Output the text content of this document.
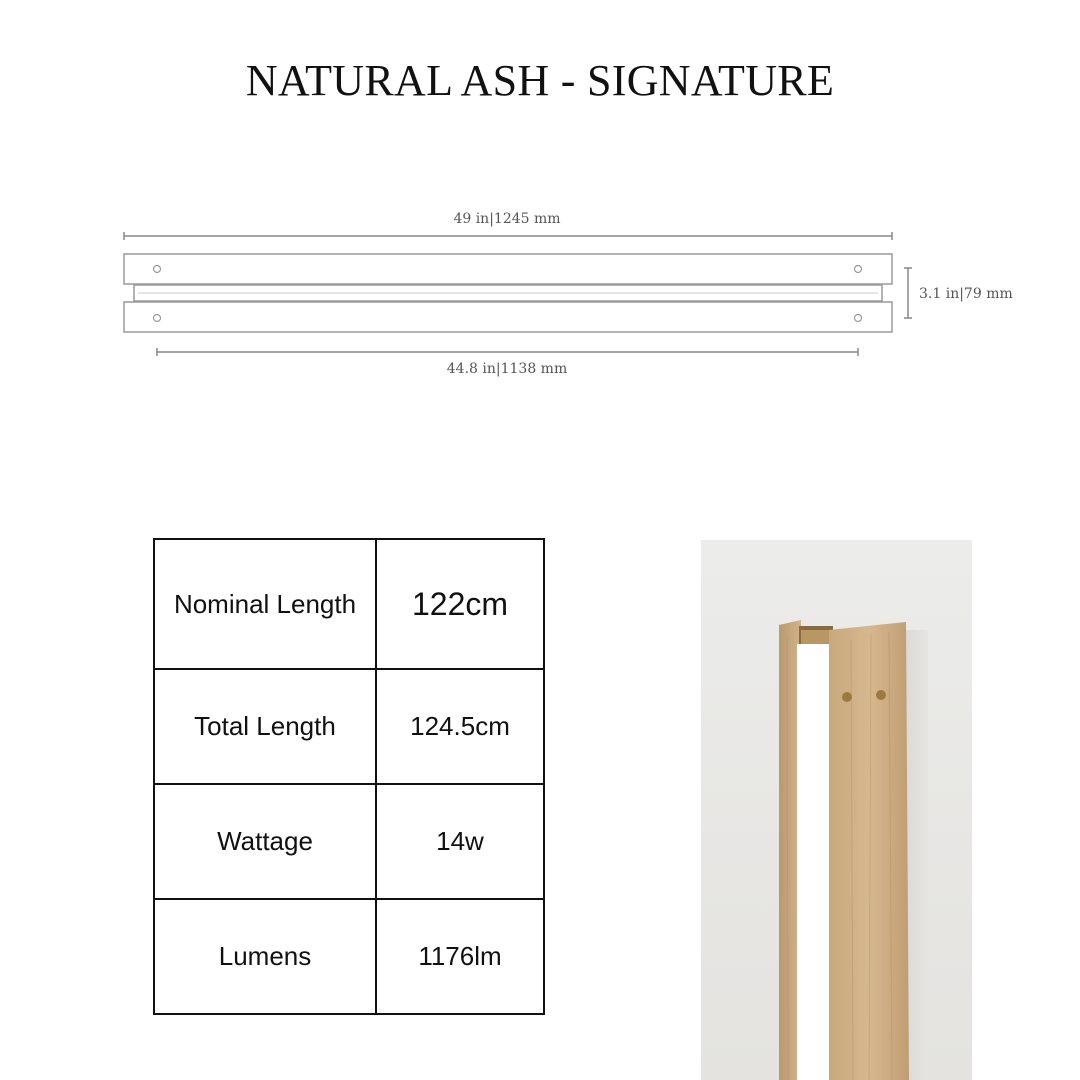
NATURAL ASH - SIGNATURE
49 in|1245 mm
3.1 in|79 mm
44.8 in|1138 mm
Nominal Length	122cm
Total Length	124.5cm
Wattage	14w
Lumens	1176lm
